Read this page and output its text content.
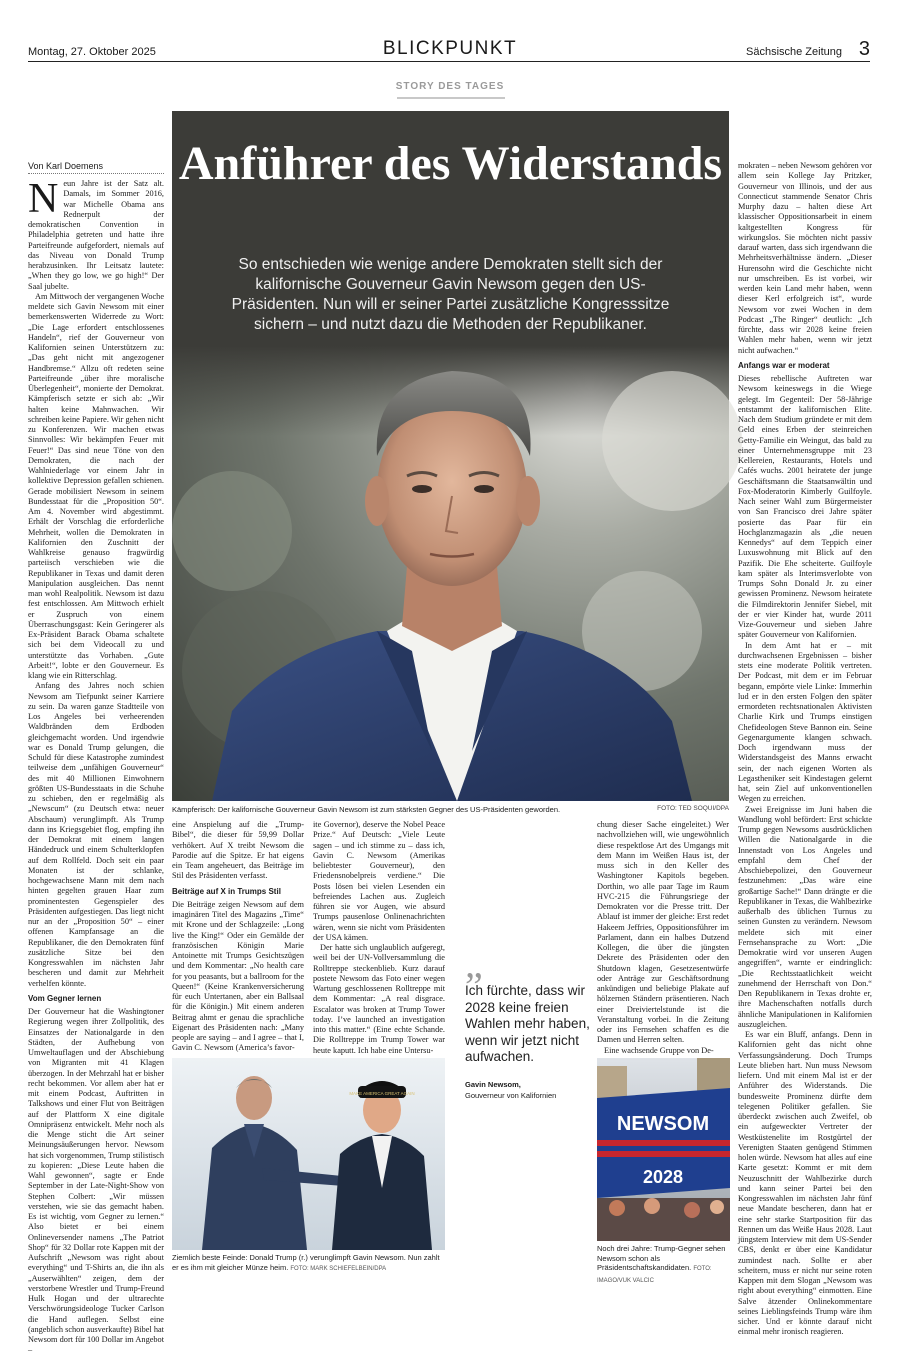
Montag, 27. Oktober 2025	BLICKPUNKT	Sächsische Zeitung 3
STORY DES TAGES
Anführer des Widerstands
So entschieden wie wenige andere Demokraten stellt sich der kalifornische Gouverneur Gavin Newsom gegen den US-Präsidenten. Nun will er seiner Partei zusätzliche Kongresssitze sichern – und nutzt dazu die Methoden der Republikaner.
Kämpferisch: Der kalifornische Gouverneur Gavin Newsom ist zum stärksten Gegner des US-Präsidenten geworden.	FOTO: TED SOQUI/DPA
Von Karl Doemens

Neun Jahre ist der Satz alt. Damals, im Sommer 2016, war Michelle Obama ans Rednerpult der demokratischen Convention in Philadelphia getreten und hatte ihre Parteifreunde aufgefordert, niemals auf das Niveau von Donald Trump herabzusinken. Ihr Leitsatz lautete: „When they go low, we go high!“ Der Saal jubelte.

Am Mittwoch der vergangenen Woche meldete sich Gavin Newsom mit einer bemerkenswerten Widerrede zu Wort: „Die Lage erfordert entschlossenes Handeln“, rief der Gouverneur von Kalifornien seinen Unterstützern zu: „Das geht nicht mit angezogener Handbremse.“ Allzu oft redeten seine Parteifreunde „über ihre moralische Überlegenheit“, monierte der Demokrat. Kämpferisch setzte er sich ab: „Wir halten keine Mahnwachen. Wir schreiben keine Papiere. Wir gehen nicht zu Konferenzen. Wir machen etwas Sinnvolles: Wir bekämpfen Feuer mit Feuer!“ Das sind neue Töne von den Demokraten, die nach der Wahlniederlage vor einem Jahr in kollektive Depression gefallen schienen. Gerade mobilisiert Newsom in seinem Bundesstaat für die „Proposition 50“. Am 4. November wird abgestimmt. Erhält der Vorschlag die erforderliche Mehrheit, wollen die Demokraten in Kalifornien den Zuschnitt der Wahlkreise genauso fragwürdig parteiisch verschieben wie die Republikaner in Texas und damit deren Manipulation ausgleichen. Das nennt man wohl Realpolitik. Newsom ist dazu fest entschlossen. Am Mittwoch erhielt er Zuspruch von einem Überraschungsgast: Kein Geringerer als Ex-Präsident Barack Obama schaltete sich bei dem Videocall zu und unterstützte das Vorhaben. „Gute Arbeit!“, lobte er den Gouverneur. Es klang wie ein Ritterschlag.

Anfang des Jahres noch schien Newsom am Tiefpunkt seiner Karriere zu sein. Da waren ganze Stadtteile von Los Angeles bei verheerenden Waldbränden dem Erdboden gleichgemacht worden. Und irgendwie war es Donald Trump gelungen, die Schuld für diese Katastrophe zumindest teilweise dem „unfähigen Gouverneur“ des mit 40 Millionen Einwohnern größten US-Bundesstaats in die Schuhe zu schieben, den er regelmäßig als „Newscum“ (zu Deutsch etwa: neuer Abschaum) verunglimpft. Als Trump dann ins Kriegsgebiet flog, empfing ihn der Demokrat mit einem langen Händedruck und einem Schulterklopfen auf dem Rollfeld. Doch seit ein paar Monaten ist der schlanke, hochgewachsene Mann mit dem nach hinten gegelten grauen Haar zum prominentesten Gegenspieler des Präsidenten aufgestiegen. Das liegt nicht nur an der „Proposition 50“ – einer offenen Kampfansage an die Republikaner, die den Demokraten fünf zusätzliche Sitze bei den Kongresswahlen im nächsten Jahr bescheren und damit zur Mehrheit verhelfen könnte.

Vom Gegner lernen

Der Gouverneur hat die Washingtoner Regierung wegen ihrer Zollpolitik, des Einsatzes der Nationalgarde in den Städten, der Aufhebung von Umweltauflagen und der Abschiebung von Migranten mit 41 Klagen überzogen. In der Mehrzahl hat er bisher recht bekommen. Vor allem aber hat er mit einem Podcast, Auftritten in Talkshows und einer Flut von Beiträgen auf der Plattform X eine digitale Omnipräsenz entwickelt. Mehr noch als die Menge sticht die Art seiner Meinungsäußerungen hervor. Newsom hat sich vorgenommen, Trump stilistisch zu kopieren: „Diese Leute haben die Wahl gewonnen“, sagte er Ende September in der Late-Night-Show von Stephen Colbert: „Wir müssen verstehen, wie sie das gemacht haben. Es ist wichtig, vom Gegner zu lernen.“ Also bietet er bei einem Onlineversender namens „The Patriot Shop“ für 32 Dollar rote Kappen mit der Aufschrift „Newsom was right about everything“ und T-Shirts an, die ihn als „Auserwählten“ zeigen, dem der verstorbene Wrestler und Trump-Freund Hulk Hogan und der ultrarechte Verschwörungsideologe Tucker Carlson die Hand auflegen. Selbst eine (angeblich schon ausverkaufte) Bibel hat Newsom dort für 100 Dollar im Angebot –

eine Anspielung auf die „Trump-Bibel“, die dieser für 59,99 Dollar verhökert. Auf X treibt Newsom die Parodie auf die Spitze. Er hat eigens ein Team angeheuert, das Beiträge im Stil des Präsidenten verfasst.

Beiträge auf X in Trumps Stil

Die Beiträge zeigen Newsom auf dem imaginären Titel des Magazins „Time“ mit Krone und der Schlagzeile: „Long live the King!“ Oder ein Gemälde der französischen Königin Marie Antoinette mit Trumps Gesichtszügen und dem Kommentar: „No health care for you peasants, but a ballroom for the Queen!“ (Keine Krankenversicherung für euch Untertanen, aber ein Ballsaal für die Königin.) Mit einem anderen Beitrag ahmt er genau die sprachliche Eigenart des Präsidenten nach: „Many people are saying – and I agree – that I, Gavin C. Newsom (America’s favor-

ite Governor), deserve the Nobel Peace Prize.“ Auf Deutsch: „Viele Leute sagen – und ich stimme zu – dass ich, Gavin C. Newsom (Amerikas beliebtester Gouverneur), den Friedensnobelpreis verdiene.“ Die Posts lösen bei vielen Lesenden ein befreiendes Lachen aus. Zugleich führen sie vor Augen, wie absurd Trumps pausenlose Onlinenachrichten wären, wenn sie nicht vom Präsidenten der USA kämen.

Der hatte sich unglaublich aufgeregt, weil bei der UN-Vollversammlung die Rolltreppe steckenblieb. Kurz darauf postete Newsom das Foto einer wegen Wartung geschlossenen Rolltreppe mit dem Kommentar: „A real disgrace. Escalator was broken at Trump Tower today. I’ve launched an investigation into this matter.“ (Eine echte Schande. Die Rolltreppe im Trump Tower war heute kaputt. Ich habe eine Untersu-

chung dieser Sache eingeleitet.) Wer nachvollziehen will, wie ungewöhnlich diese respektlose Art des Umgangs mit dem Mann im Weißen Haus ist, der muss sich in den Keller des Washingtoner Kapitols begeben. Dorthin, wo alle paar Tage im Raum HVC-215 die Führungsriege der Demokraten vor die Presse tritt. Der Ablauf ist immer der gleiche: Erst redet Hakeem Jeffries, Oppositionsführer im Parlament, dann ein halbes Dutzend Kollegen, die über die jüngsten Dekrete des Präsidenten oder den Shutdown klagen, Gesetzesentwürfe oder Anträge zur Geschäftsordnung ankündigen und beliebige Plakate auf hölzernen Ständern präsentieren. Nach einer Dreiviertelstunde ist die Veranstaltung vorbei. In die Zeitung oder ins Fernsehen schaffen es die Damen und Herren selten.

Eine wachsende Gruppe von De-

„
Ich fürchte, dass wir 2028 keine freien Wahlen mehr haben, wenn wir jetzt nicht aufwachen.
Gavin Newsom,
Gouverneur von Kalifornien

mokraten – neben Newsom gehören vor allem sein Kollege Jay Pritzker, Gouverneur von Illinois, und der aus Connecticut stammende Senator Chris Murphy dazu – halten diese Art klassischer Oppositionsarbeit in einem kaltgestellten Kongress für wirkungslos. Sie möchten nicht passiv darauf warten, dass sich irgendwann die Mehrheitsverhältnisse ändern. „Dieser Hurensohn wird die Geschichte nicht nur umschreiben. Es ist vorbei, wir werden kein Land mehr haben, wenn dieser Kerl erfolgreich ist“, wurde Newsom vor zwei Wochen in dem Podcast „The Ringer“ deutlich: „Ich fürchte, dass wir 2028 keine freien Wahlen mehr haben, wenn wir jetzt nicht aufwachen.“

Anfangs war er moderat

Dieses rebellische Auftreten war Newsom keineswegs in die Wiege gelegt. Im Gegenteil: Der 58-Jährige entstammt der kalifornischen Elite. Nach dem Studium gründete er mit dem Geld eines Erben der steinreichen Getty-Familie ein Weingut, das bald zu einer Unternehmensgruppe mit 23 Kellereien, Restaurants, Hotels und Cafés wuchs. 2001 heiratete der junge Geschäftsmann die Staatsanwältin und Fox-Moderatorin Kimberly Guilfoyle. Nach seiner Wahl zum Bürgermeister von San Francisco drei Jahre später posierte das Paar für ein Hochglanzmagazin als „die neuen Kennedys“ auf dem Teppich einer Luxuswohnung mit Blick auf den Pazifik. Die Ehe scheiterte. Guilfoyle kam später als Interimsverlobte von Trumps Sohn Donald Jr. zu einer gewissen Prominenz. Newsom heiratete die Filmdirektorin Jennifer Siebel, mit der er vier Kinder hat, wurde 2011 Vize-Gouverneur und sieben Jahre später Gouverneur von Kalifornien.

In dem Amt hat er – mit durchwachsenen Ergebnissen – bisher stets eine moderate Politik vertreten. Der Podcast, mit dem er im Februar begann, empörte viele Linke: Immerhin lud er in den ersten Folgen den später ermordeten rechtsnationalen Aktivisten Charlie Kirk und Trumps einstigen Chefideologen Steve Bannon ein. Seine Gegenargumente klangen schwach. Doch irgendwann muss der Widerstandsgeist des Manns erwacht sein, der nach eigenen Worten als Legastheniker seit Kindestagen gelernt hat, sein Ziel auf unkonventionellen Wegen zu erreichen.

Zwei Ereignisse im Juni haben die Wandlung wohl befördert: Erst schickte Trump gegen Newsoms ausdrücklichen Willen die Nationalgarde in die Innenstadt von Los Angeles und empfahl dem Chef der Abschiebepolizei, den Gouverneur festzunehmen: „Das wäre eine großartige Sache!“ Dann drängte er die Republikaner in Texas, die Wahlbezirke außerhalb des üblichen Turnus zu seinen Gunsten zu verändern. Newsom meldete sich mit einer Fernsehansprache zu Wort: „Die Demokratie wird vor unseren Augen angegriffen“, warnte er eindringlich: „Die Rechtsstaatlichkeit weicht zunehmend der Herrschaft von Don.“ Den Republikanern in Texas drohte er, ihre Machenschaften notfalls durch ähnliche Manipulationen in Kalifornien auszugleichen.

Es war ein Bluff, anfangs. Denn in Kalifornien geht das nicht ohne Verfassungsänderung. Doch Trumps Leute blieben hart. Nun muss Newsom liefern. Und mit einem Mal ist er der Anführer des Widerstands. Die bundesweite Prominenz dürfte dem telegenen Politiker gefallen. Sie überdeckt zwischen auch Zweifel, ob ein aufgeweckter Vertreter der Westküstenelite im Rostgürtel der Verenigten Staaten genügend Stimmen holen würde. Newsom hat alles auf eine Karte gesetzt: Kommt er mit dem Neuzuschnitt der Wahlbezirke durch und kann seiner Partei bei den Kongresswahlen im nächsten Jahr fünf neue Mandate bescheren, dann hat er eine sehr starke Startposition für das Rennen um das Weiße Haus 2028. Laut jüngstem Interview mit dem US-Sender CBS, denkt er über eine Kandidatur zumindest nach. Sollte er aber scheitern, muss er nicht nur seine roten Kappen mit dem Slogan „Newsom was right about everything“ einmotten. Eine Salve ätzender Onlinekommentare seines Lieblingsfeinds Trump wäre ihm sicher. Und er könnte darauf nicht einmal mehr ironisch reagieren.

MAKE AMERICA GREAT AGAIN
Ziemlich beste Feinde: Donald Trump (r.) verunglimpft Gavin Newsom. Nun zahlt er es ihm mit gleicher Münze heim. FOTO: MARK SCHIEFELBEIN/DPA
NEWSOM
2028
Noch drei Jahre: Trump-Gegner sehen Newsom schon als Präsidentschaftskandidaten. FOTO: IMAGO/VUK VALCIC
